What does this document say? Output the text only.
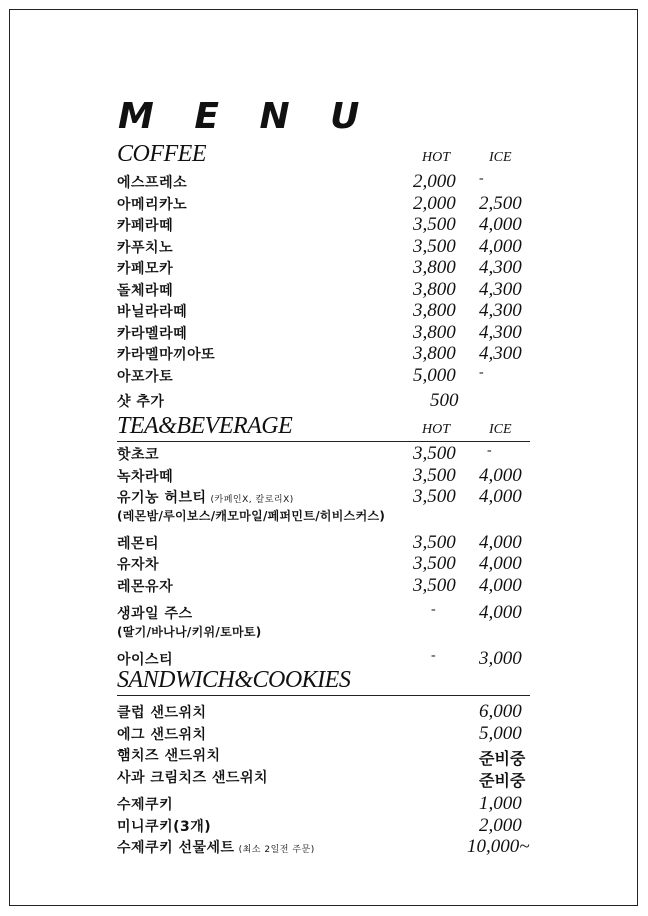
M E N U
COFFEE	HOT	ICE
에스프레소	2,000 -
아메리카노	2,000 2,500
카페라떼	3,500 4,000
카푸치노	3,500 4,000
카페모카	3,800 4,300
돌체라떼	3,800 4,300
바닐라라떼	3,800 4,300
카라멜라떼	3,800 4,300
카라멜마끼아또	3,800 4,300
아포가토	5,000 -
샷 추가	500
TEA&BEVERAGE	HOT	ICE
핫초코	3,500 -
녹차라떼	3,500 4,000
유기농 허브티 (카페인X, 칼로리X)	3,500 4,000
(레몬밤/루이보스/캐모마일/페퍼민트/히비스커스)
레몬티	3,500 4,000
유자차	3,500 4,000
레몬유자	3,500 4,000
생과일 주스	- 4,000
(딸기/바나나/키위/토마토)
아이스티	- 3,000
SANDWICH&COOKIES
클럽 샌드위치	6,000
에그 샌드위치	5,000
햄치즈 샌드위치	준비중
사과 크림치즈 샌드위치	준비중
수제쿠키	1,000
미니쿠키(3개)	2,000
수제쿠키 선물세트 (최소 2일전 주문)	10,000~
